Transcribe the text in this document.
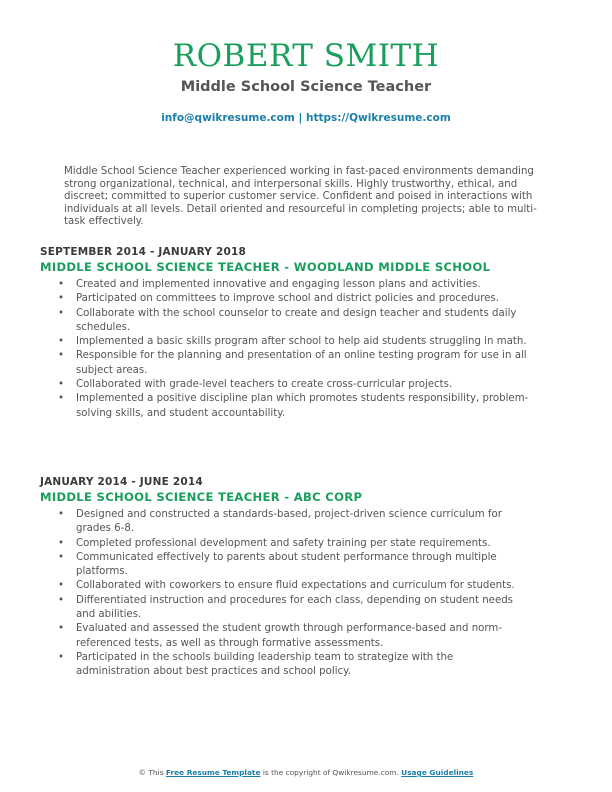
ROBERT SMITH
Middle School Science Teacher
info@qwikresume.com | https://Qwikresume.com
Middle School Science Teacher experienced working in fast-paced environments demanding strong organizational, technical, and interpersonal skills. Highly trustworthy, ethical, and discreet; committed to superior customer service. Confident and poised in interactions with individuals at all levels. Detail oriented and resourceful in completing projects; able to multi-task effectively.
SEPTEMBER 2014 - JANUARY 2018
MIDDLE SCHOOL SCIENCE TEACHER - WOODLAND MIDDLE SCHOOL
• Created and implemented innovative and engaging lesson plans and activities.
• Participated on committees to improve school and district policies and procedures.
• Collaborate with the school counselor to create and design teacher and students daily schedules.
• Implemented a basic skills program after school to help aid students struggling in math.
• Responsible for the planning and presentation of an online testing program for use in all subject areas.
• Collaborated with grade-level teachers to create cross-curricular projects.
• Implemented a positive discipline plan which promotes students responsibility, problem-solving skills, and student accountability.
JANUARY 2014 - JUNE 2014
MIDDLE SCHOOL SCIENCE TEACHER - ABC CORP
• Designed and constructed a standards-based, project-driven science curriculum for grades 6-8.
• Completed professional development and safety training per state requirements.
• Communicated effectively to parents about student performance through multiple platforms.
• Collaborated with coworkers to ensure fluid expectations and curriculum for students.
• Differentiated instruction and procedures for each class, depending on student needs and abilities.
• Evaluated and assessed the student growth through performance-based and norm-referenced tests, as well as through formative assessments.
• Participated in the schools building leadership team to strategize with the administration about best practices and school policy.
© This Free Resume Template is the copyright of Qwikresume.com. Usage Guidelines
